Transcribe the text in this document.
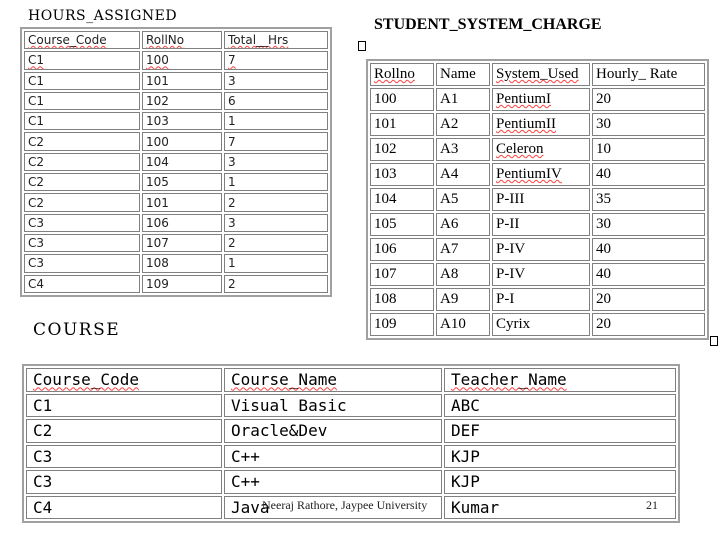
HOURS_ASSIGNED	STUDENT_SYSTEM_CHARGE
COURSE
Course_Code	RollNo	Total__Hrs
C1	100	7
C1	101	3
C1	102	6
C1	103	1
C2	100	7
C2	104	3
C2	105	1
C2	101	2
C3	106	3
C3	107	2
C3	108	1
C4	109	2
Rollno	Name	System_Used	Hourly_ Rate
100	A1	PentiumI	20
101	A2	PentiumII	30
102	A3	Celeron	10
103	A4	PentiumIV	40
104	A5	P-III	35
105	A6	P-II	30
106	A7	P-IV	40
107	A8	P-IV	40
108	A9	P-I	20
109	A10	Cyrix	20
Course_Code	Course_Name	Teacher_Name
C1	Visual Basic	ABC
C2	Oracle&Dev	DEF
C3	C++	KJP
C3	C++	KJP
C4	Java	Kumar
Neeraj Rathore, Jaypee University	21
